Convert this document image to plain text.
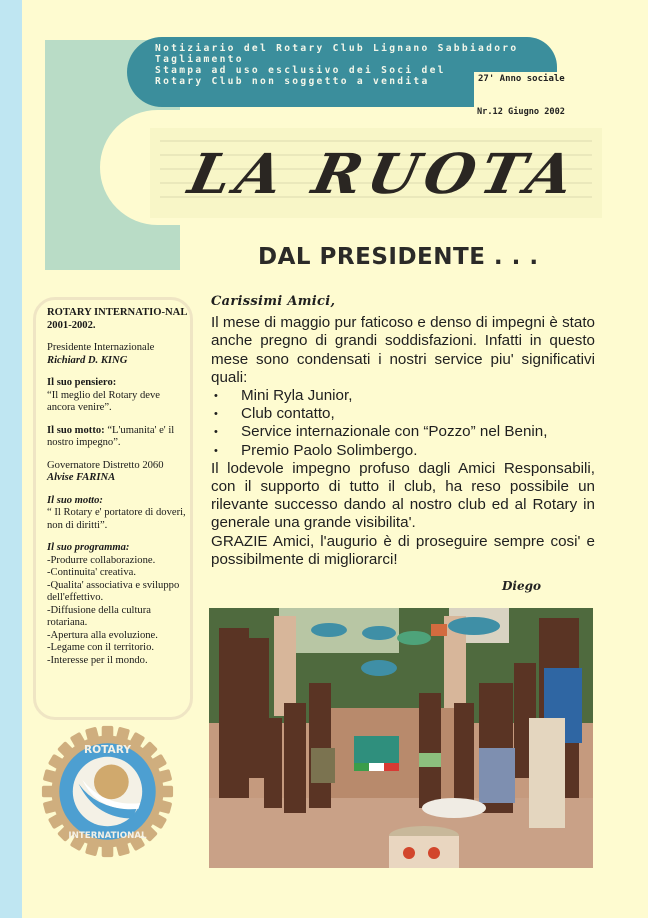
Notiziario del Rotary Club Lignano Sabbiadoro
Tagliamento
Stampa ad uso esclusivo dei Soci del
Rotary Club non soggetto a vendita	27' Anno sociale
Nr.12 Giugno 2002
LA RUOTA
DAL PRESIDENTE . . .

ROTARY INTERNATIO-NAL 2001-2002.

Presidente Internazionale
Richiard D. KING

Il suo pensiero:
“Il meglio del Rotary deve ancora venire”.

Il suo motto: “L'umanita' e' il nostro impegno”.

Governatore Distretto 2060
Alvise FARINA

Il suo motto:
“ Il Rotary e' portatore di doveri, non di diritti”.

Il suo programma:
-Produrre collaborazione.
-Continuita' creativa.
-Qualita' associativa e sviluppo dell'effettivo.
-Diffusione della cultura rotariana.
-Apertura alla evoluzione.
-Legame con il territorio.
-Interesse per il mondo.

ROTARY
INTERNATIONAL
Carissimi Amici,

Il mese di maggio pur faticoso e denso di impegni è stato anche pregno di grandi soddisfazioni. Infatti in questo mese sono condensati i nostri service piu' significativi quali:

• Mini Ryla Junior,
• Club contatto,
• Service internazionale con “Pozzo” nel Benin,
• Premio Paolo Solimbergo.

Il lodevole impegno profuso dagli Amici Responsabili, con il supporto di tutto il club, ha reso possibile un rilevante successo dando al nostro club ed al Rotary in generale una grande visibilita'.

GRAZIE Amici, l'augurio è di proseguire sempre cosi' e possibilmente di migliorarci!

Diego
